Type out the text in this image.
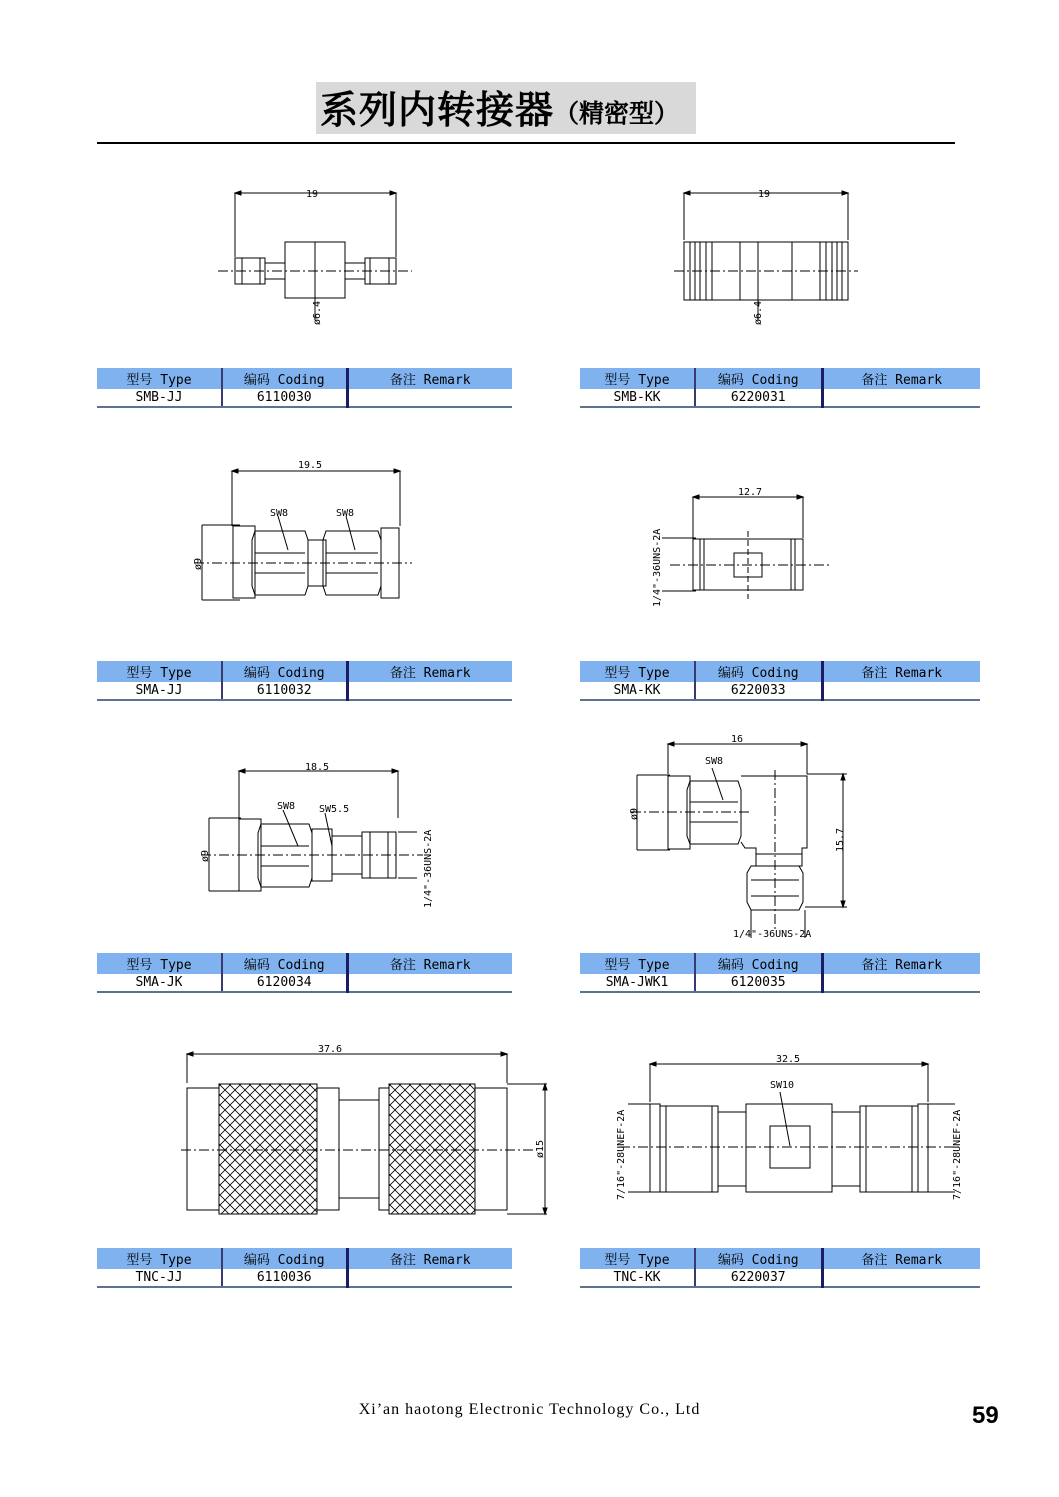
系列内转接器 （精密型）
19
ø6.4
19
ø6.4
19.5
SW8	SW8
ø9
12.7
1/4"-36UNS-2A
18.5
SW8 SW5.5
ø9	1/4"-36UNS-2A
16
SW8
ø9
15.7
1/4"-36UNS-2A
37.6
ø15
32.5
SW10
7/16"-28UNEF-2A	7/16"-28UNEF-2A
型号 Type	编码 Coding	备注 Remark
SMB-JJ	6110030	
型号 Type	编码 Coding	备注 Remark
SMB-KK	6220031	
型号 Type	编码 Coding	备注 Remark
SMA-JJ	6110032	
型号 Type	编码 Coding	备注 Remark
SMA-KK	6220033	
型号 Type	编码 Coding	备注 Remark
SMA-JK	6120034	
型号 Type	编码 Coding	备注 Remark
SMA-JWK1	6120035	
型号 Type	编码 Coding	备注 Remark
TNC-JJ	6110036	
型号 Type	编码 Coding	备注 Remark
TNC-KK	6220037	
Xi’an haotong Electronic Technology Co., Ltd	59
